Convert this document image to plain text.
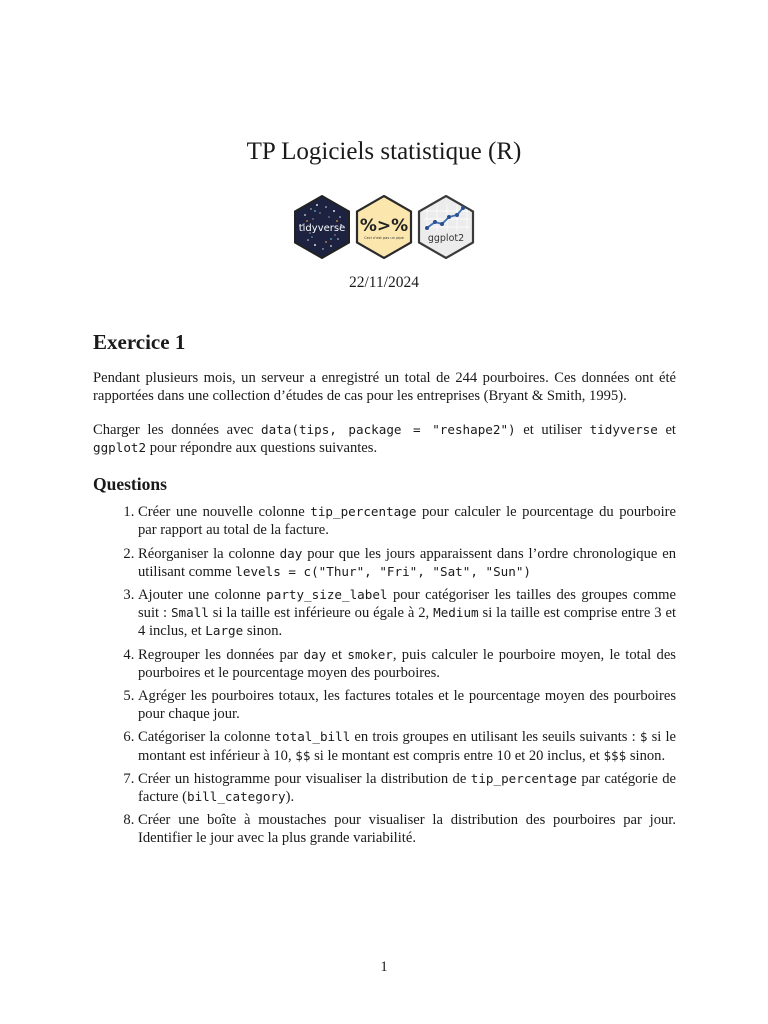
TP Logiciels statistique (R)
tidyverse %>%
Ceci n'est pas un pipe	ggplot2
22/11/2024
Exercice 1

Pendant plusieurs mois, un serveur a enregistré un total de 244 pourboires. Ces données ont été rapportées dans une collection d’études de cas pour les entreprises (Bryant & Smith, 1995).

Charger les données avec data(tips, package = "reshape2") et utiliser tidyverse et ggplot2 pour répondre aux questions suivantes.

Questions
1. Créer une nouvelle colonne tip_percentage pour calculer le pourcentage du pourboire par rapport au total de la facture.
2. Réorganiser la colonne day pour que les jours apparaissent dans l’ordre chronologique en utilisant comme levels = c("Thur", "Fri", "Sat", "Sun")
3. Ajouter une colonne party_size_label pour catégoriser les tailles des groupes comme suit : Small si la taille est inférieure ou égale à 2, Medium si la taille est comprise entre 3 et 4 inclus, et Large sinon.
4. Regrouper les données par day et smoker, puis calculer le pourboire moyen, le total des pourboires et le pourcentage moyen des pourboires.
5. Agréger les pourboires totaux, les factures totales et le pourcentage moyen des pourboires pour chaque jour.
6. Catégoriser la colonne total_bill en trois groupes en utilisant les seuils suivants : $ si le montant est inférieur à 10, $$ si le montant est compris entre 10 et 20 inclus, et $$$ sinon.
7. Créer un histogramme pour visualiser la distribution de tip_percentage par catégorie de facture (bill_category).
8. Créer une boîte à moustaches pour visualiser la distribution des pourboires par jour. Identifier le jour avec la plus grande variabilité.
1
